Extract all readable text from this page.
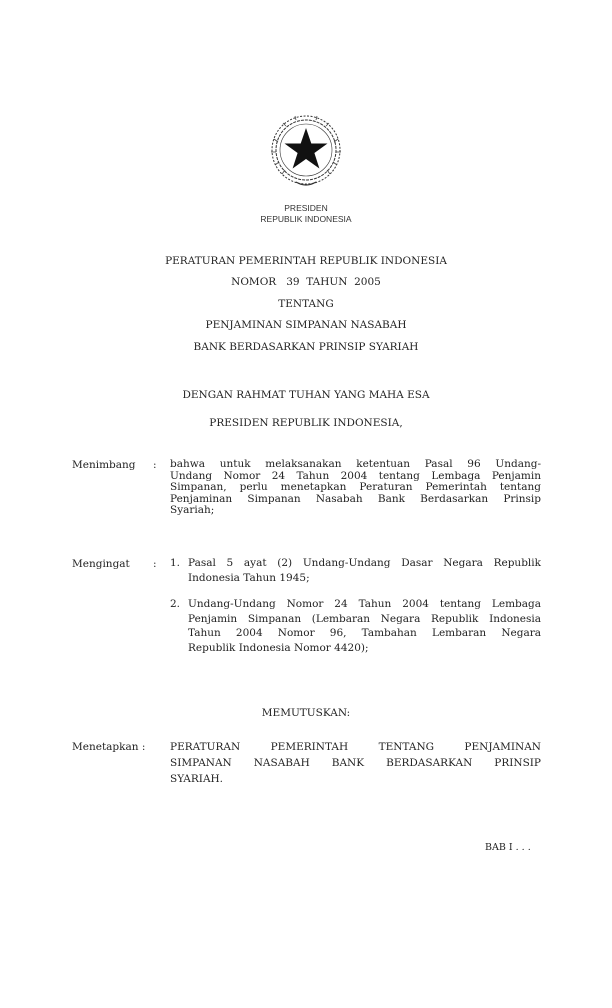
PRESIDEN
REPUBLIK INDONESIA
PERATURAN PEMERINTAH REPUBLIK INDONESIA
NOMOR   39  TAHUN  2005
TENTANG
PENJAMINAN SIMPANAN NASABAH
BANK BERDASARKAN PRINSIP SYARIAH
DENGAN RAHMAT TUHAN YANG MAHA ESA
PRESIDEN REPUBLIK INDONESIA,
Menimbang : bahwa untuk melaksanakan ketentuan Pasal 96 Undang-
Undang Nomor 24 Tahun 2004 tentang Lembaga Penjamin
Simpanan, perlu menetapkan Peraturan Pemerintah tentang
Penjaminan Simpanan Nasabah Bank Berdasarkan Prinsip
Syariah;
Mengingat : 1. Pasal 5 ayat (2) Undang-Undang Dasar Negara Republik
Indonesia Tahun 1945;
2. Undang-Undang Nomor 24 Tahun 2004 tentang Lembaga
Penjamin Simpanan (Lembaran Negara Republik Indonesia
Tahun 2004 Nomor 96, Tambahan Lembaran Negara
Republik Indonesia Nomor 4420);
MEMUTUSKAN:
Menetapkan : PERATURAN PEMERINTAH TENTANG PENJAMINAN
SIMPANAN NASABAH BANK BERDASARKAN PRINSIP
SYARIAH.
BAB I . . .
